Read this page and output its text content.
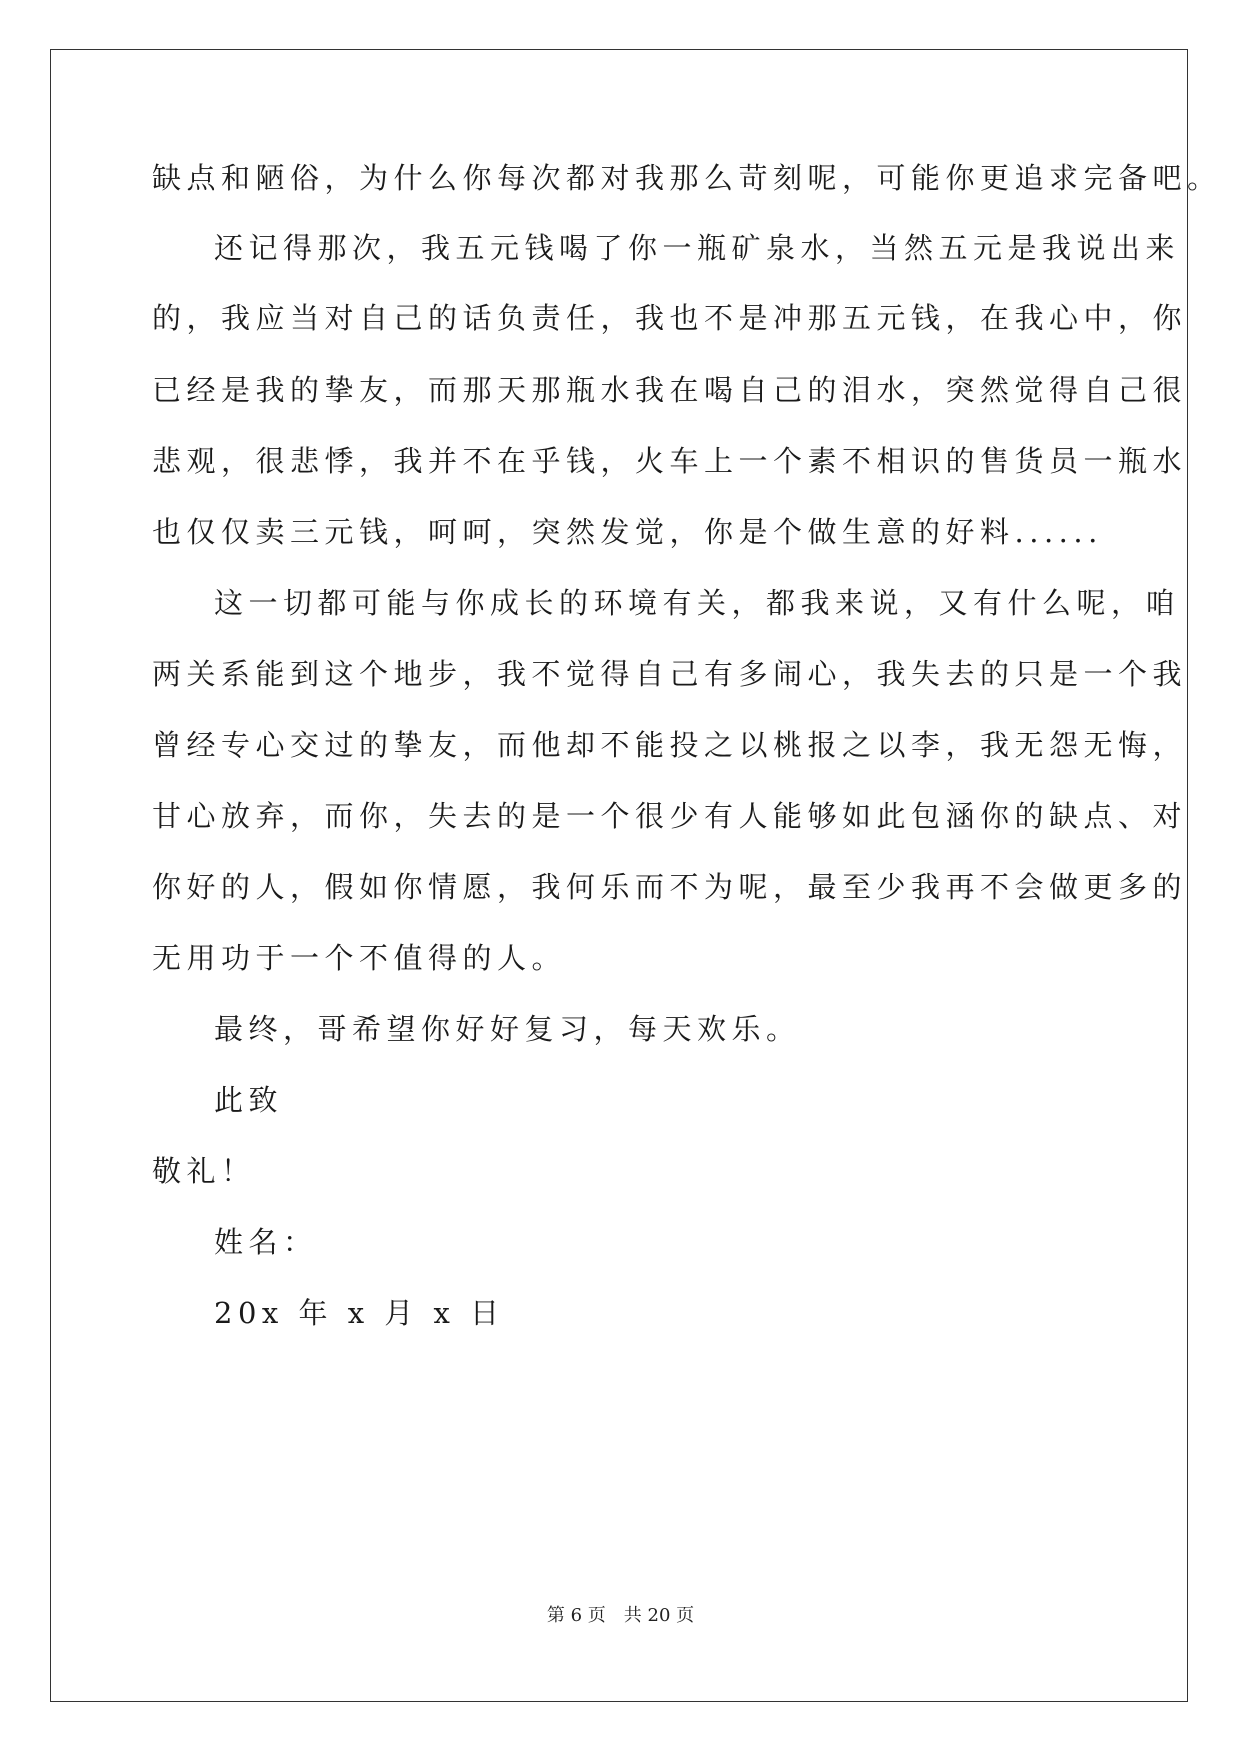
缺点和陋俗，为什么你每次都对我那么苛刻呢，可能你更追求完备吧。
还记得那次，我五元钱喝了你一瓶矿泉水，当然五元是我说出来
的，我应当对自己的话负责任，我也不是冲那五元钱，在我心中，你
已经是我的挚友，而那天那瓶水我在喝自己的泪水，突然觉得自己很
悲观，很悲悸，我并不在乎钱，火车上一个素不相识的售货员一瓶水
也仅仅卖三元钱，呵呵，突然发觉，你是个做生意的好料......
这一切都可能与你成长的环境有关，都我来说，又有什么呢，咱
两关系能到这个地步，我不觉得自己有多闹心，我失去的只是一个我
曾经专心交过的挚友，而他却不能投之以桃报之以李，我无怨无悔，
甘心放弃，而你，失去的是一个很少有人能够如此包涵你的缺点、对
你好的人，假如你情愿，我何乐而不为呢，最至少我再不会做更多的
无用功于一个不值得的人。
最终，哥希望你好好复习，每天欢乐。
此致
敬礼！
姓名：
20x 年 x 月 x 日
第 6 页 共 20 页
